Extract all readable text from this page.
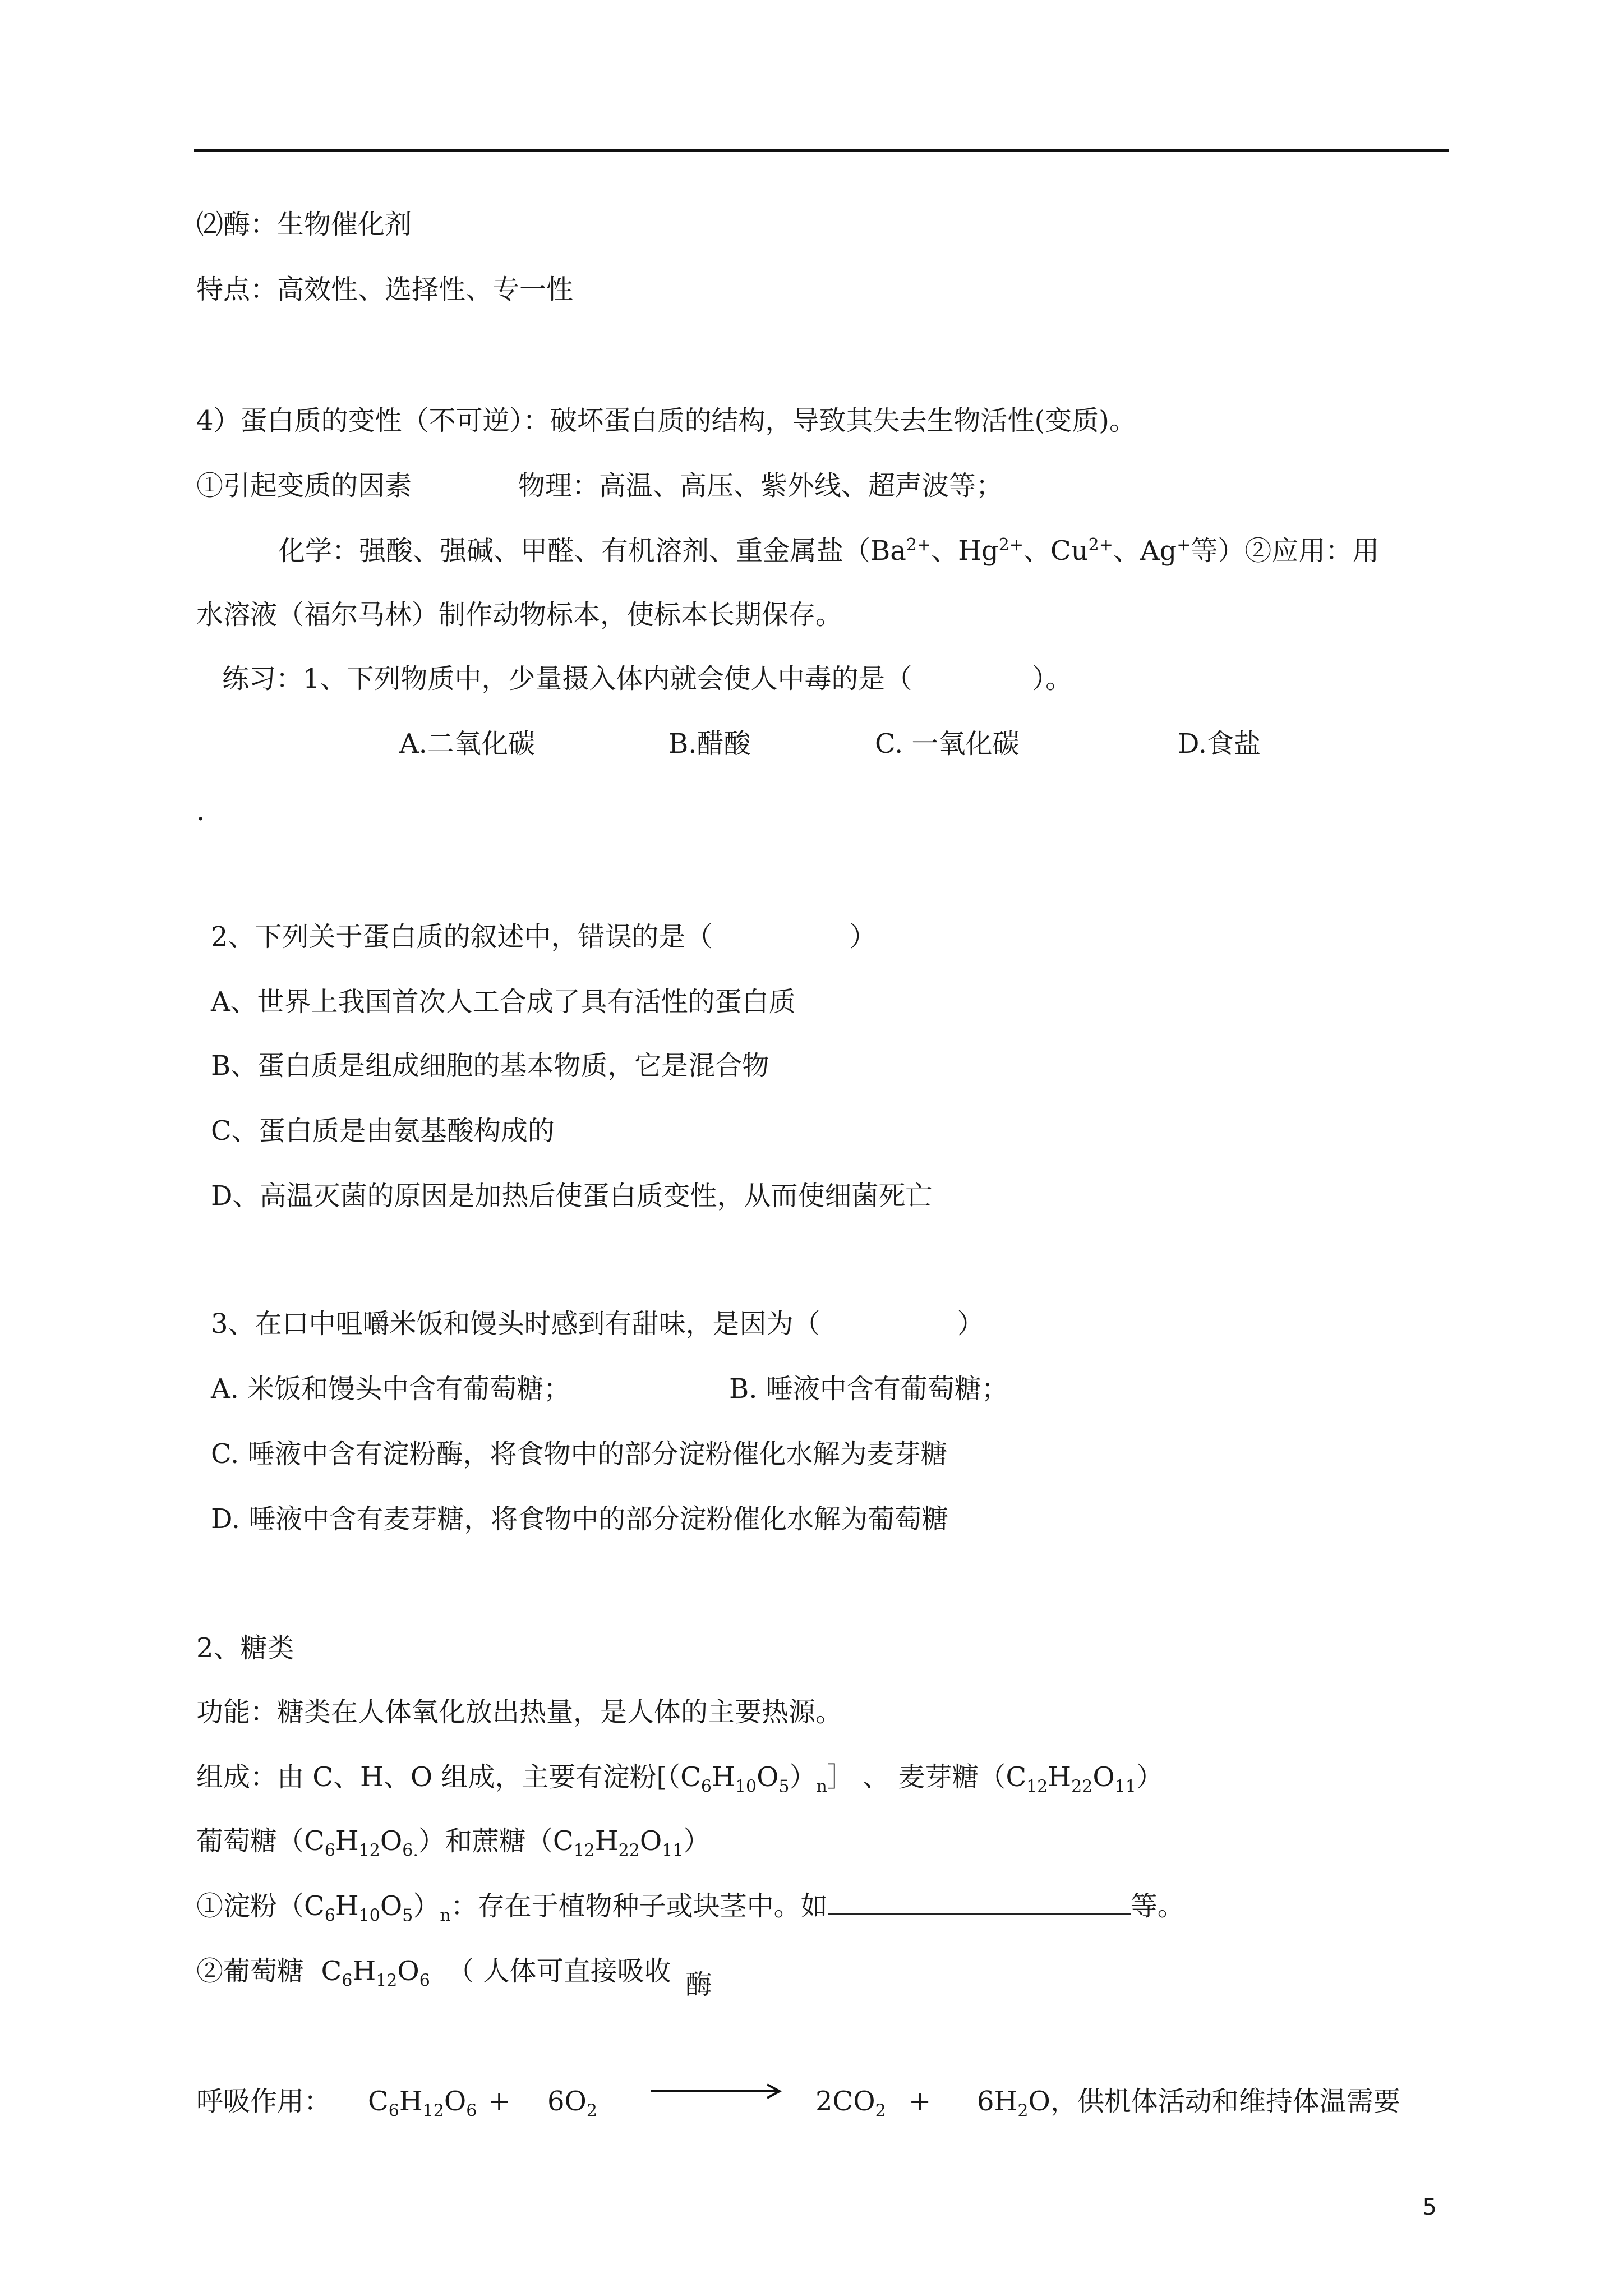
⑵酶：生物催化剂
特点：高效性、选择性、专一性
4）蛋白质的变性（不可逆）：破坏蛋白质的结构，导致其失去生物活性(变质)。
①引起变质的因素	物理：高温、高压、紫外线、超声波等；
化学：强酸、强碱、甲醛、有机溶剂、重金属盐（$Ba^{2+}$、$Hg^{2+}$、$Cu^{2+}$、Ag+等）②应用：用
水溶液（福尔马林）制作动物标本，使标本长期保存。
练习：1、下列物质中，少量摄入体内就会使人中毒的是（              ）。
A.二氧化碳	B.醋酸	C. 一氧化碳	D.食盐
.
2、下列关于蛋白质的叙述中，错误的是（                ）
A、世界上我国首次人工合成了具有活性的蛋白质
B、蛋白质是组成细胞的基本物质，它是混合物
C、蛋白质是由氨基酸构成的
D、高温灭菌的原因是加热后使蛋白质变性，从而使细菌死亡
3、在口中咀嚼米饭和馒头时感到有甜味，是因为（                ）
A. 米饭和馒头中含有葡萄糖；	B. 唾液中含有葡萄糖；
C. 唾液中含有淀粉酶，将食物中的部分淀粉催化水解为麦芽糖
D. 唾液中含有麦芽糖，将食物中的部分淀粉催化水解为葡萄糖
2、糖类
功能：糖类在人体氧化放出热量，是人体的主要热源。
组成：由 C、H、O 组成，主要有淀粉[$(C_6H_{10}O_5)_n]$ 、 麦芽糖$(C_{12}H_{22}O_{11})$
葡萄糖$(C_6H_{12}O_{6.})$和蔗糖$(C_{12}H_{22}O_{11})$
①淀粉$(C_6H_{10}O_5)_n$：存在于植物种子或块茎中。如	等。
②葡萄糖  $C_6H_{12}O_6$  （ 人体可直接吸收 酶
呼吸作用： $C_6H_{12}O_6 + 6O_2$	$2CO_2 + 6H_2O$，供机体活动和维持体温需要
5
